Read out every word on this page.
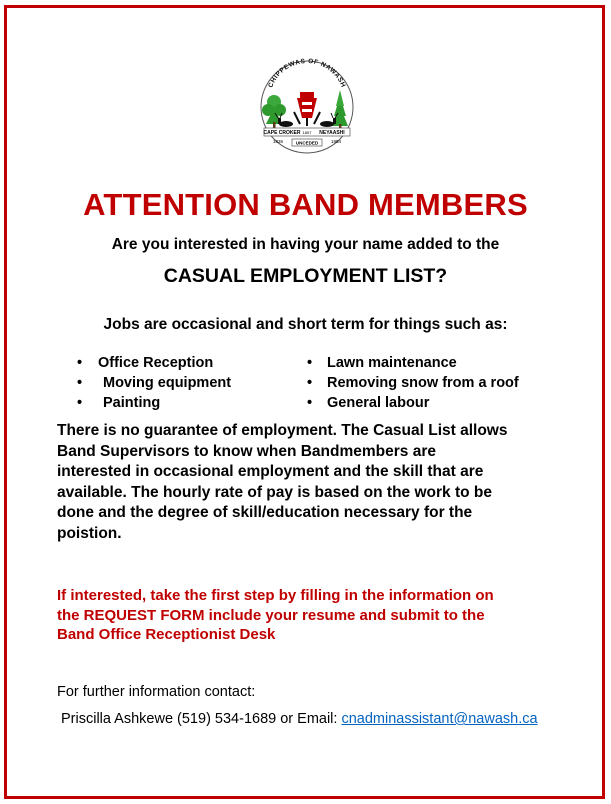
CHIPPEWAS OF NAWASH
CAPE CROKER	NEYAASHI
1857
1836	1854
UNCEDED
ATTENTION BAND MEMBERS
Are you interested in having your name added to the
CASUAL EMPLOYMENT LIST?
Jobs are occasional and short term for things such as:
• Office Reception
• Moving equipment
• Painting
• Lawn maintenance
• Removing snow from a roof
• General labour

There is no guarantee of employment. The Casual List allows
Band Supervisors to know when Bandmembers are
interested in occasional employment and the skill that are
available. The hourly rate of pay is based on the work to be
done and the degree of skill/education necessary for the
poistion.

If interested, take the first step by filling in the information on
the REQUEST FORM include your resume and submit to the
Band Office Receptionist Desk

For further information contact:
Priscilla Ashkewe (519) 534-1689 or Email: cnadminassistant@nawash.ca
